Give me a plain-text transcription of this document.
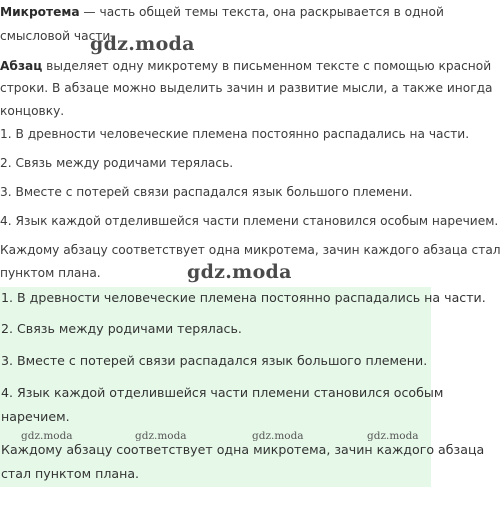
Микротема — часть общей темы текста, она раскрывается в одной
смысловой части.
gdz.moda
Абзац выделяет одну микротему в письменном тексте с помощью красной
строки. В абзаце можно выделить зачин и развитие мысли, а также иногда
концовку.
1. В древности человеческие племена постоянно распадались на части.
2. Связь между родичами терялась.
3. Вместе с потерей связи распадался язык большого племени.
4. Язык каждой отделившейся части племени становился особым наречием.
Каждому абзацу соответствует одна микротема, зачин каждого абзаца стал
пунктом плана.	gdz.moda
1. В древности человеческие племена постоянно распадались на части.
2. Связь между родичами терялась.
3. Вместе с потерей связи распадался язык большого племени.
4. Язык каждой отделившейся части племени становился особым
наречием.
gdz.moda	gdz.moda	gdz.moda	gdz.moda
Каждому абзацу соответствует одна микротема, зачин каждого абзаца
стал пунктом плана.
